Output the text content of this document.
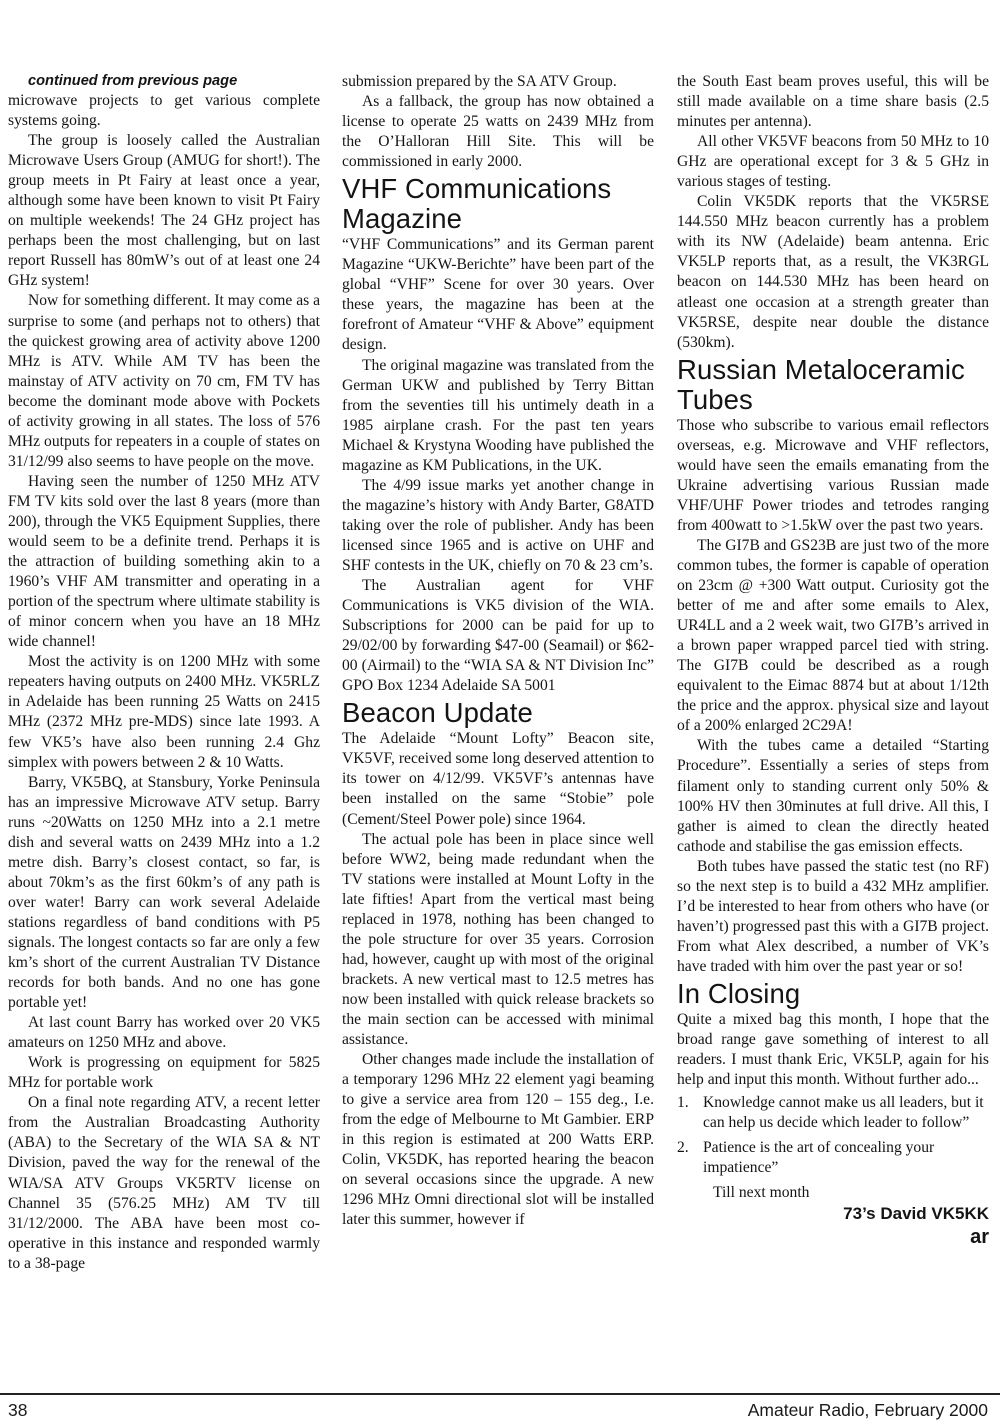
continued from previous page

microwave projects to get various complete systems going.

The group is loosely called the Australian Microwave Users Group (AMUG for short!). The group meets in Pt Fairy at least once a year, although some have been known to visit Pt Fairy on multiple weekends! The 24 GHz project has perhaps been the most challenging, but on last report Russell has 80mW’s out of at least one 24 GHz system!

Now for something different. It may come as a surprise to some (and perhaps not to others) that the quickest growing area of activity above 1200 MHz is ATV. While AM TV has been the mainstay of ATV activity on 70 cm, FM TV has become the dominant mode above with Pockets of activity growing in all states. The loss of 576 MHz outputs for repeaters in a couple of states on 31/12/99 also seems to have people on the move.

Having seen the number of 1250 MHz ATV FM TV kits sold over the last 8 years (more than 200), through the VK5 Equipment Supplies, there would seem to be a definite trend. Perhaps it is the attraction of building something akin to a 1960’s VHF AM transmitter and operating in a portion of the spectrum where ultimate stability is of minor concern when you have an 18 MHz wide channel!

Most the activity is on 1200 MHz with some repeaters having outputs on 2400 MHz. VK5RLZ in Adelaide has been running 25 Watts on 2415 MHz (2372 MHz pre-MDS) since late 1993. A few VK5’s have also been running 2.4 Ghz simplex with powers between 2 & 10 Watts.

Barry, VK5BQ, at Stansbury, Yorke Peninsula has an impressive Microwave ATV setup. Barry runs ~20Watts on 1250 MHz into a 2.1 metre dish and several watts on 2439 MHz into a 1.2 metre dish. Barry’s closest contact, so far, is about 70km’s as the first 60km’s of any path is over water! Barry can work several Adelaide stations regardless of band conditions with P5 signals. The longest contacts so far are only a few km’s short of the current Australian TV Distance records for both bands. And no one has gone portable yet!

At last count Barry has worked over 20 VK5 amateurs on 1250 MHz and above.

Work is progressing on equipment for 5825 MHz for portable work

On a final note regarding ATV, a recent letter from the Australian Broadcasting Authority (ABA) to the Secretary of the WIA SA & NT Division, paved the way for the renewal of the WIA/SA ATV Groups VK5RTV license on Channel 35 (576.25 MHz) AM TV till 31/12/2000. The ABA have been most co-operative in this instance and responded warmly to a 38-page

submission prepared by the SA ATV Group.

As a fallback, the group has now obtained a license to operate 25 watts on 2439 MHz from the O’Halloran Hill Site. This will be commissioned in early 2000.

VHF Communications Magazine

“VHF Communications” and its German parent Magazine “UKW-Berichte” have been part of the global “VHF” Scene for over 30 years. Over these years, the magazine has been at the forefront of Amateur “VHF & Above” equipment design.

The original magazine was translated from the German UKW and published by Terry Bittan from the seventies till his untimely death in a 1985 airplane crash. For the past ten years Michael & Krystyna Wooding have published the magazine as KM Publications, in the UK.

The 4/99 issue marks yet another change in the magazine’s history with Andy Barter, G8ATD taking over the role of publisher. Andy has been licensed since 1965 and is active on UHF and SHF contests in the UK, chiefly on 70 & 23 cm’s.

The Australian agent for VHF Communications is VK5 division of the WIA. Subscriptions for 2000 can be paid for up to 29/02/00 by forwarding $47-00 (Seamail) or $62-00 (Airmail) to the “WIA SA & NT Division Inc” GPO Box 1234 Adelaide SA 5001

Beacon Update

The Adelaide “Mount Lofty” Beacon site, VK5VF, received some long deserved attention to its tower on 4/12/99. VK5VF’s antennas have been installed on the same “Stobie” pole (Cement/Steel Power pole) since 1964.

The actual pole has been in place since well before WW2, being made redundant when the TV stations were installed at Mount Lofty in the late fifties! Apart from the vertical mast being replaced in 1978, nothing has been changed to the pole structure for over 35 years. Corrosion had, however, caught up with most of the original brackets. A new vertical mast to 12.5 metres has now been installed with quick release brackets so the main section can be accessed with minimal assistance.

Other changes made include the installation of a temporary 1296 MHz 22 element yagi beaming to give a service area from 120 – 155 deg., I.e. from the edge of Melbourne to Mt Gambier. ERP in this region is estimated at 200 Watts ERP. Colin, VK5DK, has reported hearing the beacon on several occasions since the upgrade. A new 1296 MHz Omni directional slot will be installed later this summer, however if

the South East beam proves useful, this will be still made available on a time share basis (2.5 minutes per antenna).

All other VK5VF beacons from 50 MHz to 10 GHz are operational except for 3 & 5 GHz in various stages of testing.

Colin VK5DK reports that the VK5RSE 144.550 MHz beacon currently has a problem with its NW (Adelaide) beam antenna. Eric VK5LP reports that, as a result, the VK3RGL beacon on 144.530 MHz has been heard on atleast one occasion at a strength greater than VK5RSE, despite near double the distance (530km).

Russian Metaloceramic Tubes

Those who subscribe to various email reflectors overseas, e.g. Microwave and VHF reflectors, would have seen the emails emanating from the Ukraine advertising various Russian made VHF/UHF Power triodes and tetrodes ranging from 400watt to >1.5kW over the past two years.

The GI7B and GS23B are just two of the more common tubes, the former is capable of operation on 23cm @ +300 Watt output. Curiosity got the better of me and after some emails to Alex, UR4LL and a 2 week wait, two GI7B’s arrived in a brown paper wrapped parcel tied with string. The GI7B could be described as a rough equivalent to the Eimac 8874 but at about 1/12th the price and the approx. physical size and layout of a 200% enlarged 2C29A!

With the tubes came a detailed “Starting Procedure”. Essentially a series of steps from filament only to standing current only 50% & 100% HV then 30minutes at full drive. All this, I gather is aimed to clean the directly heated cathode and stabilise the gas emission effects.

Both tubes have passed the static test (no RF) so the next step is to build a 432 MHz amplifier. I’d be interested to hear from others who have (or haven’t) progressed past this with a GI7B project. From what Alex described, a number of VK’s have traded with him over the past year or so!

In Closing

Quite a mixed bag this month, I hope that the broad range gave something of interest to all readers. I must thank Eric, VK5LP, again for his help and input this month. Without further ado...

1. Knowledge cannot make us all leaders, but it can help us decide which leader to follow”
2. Patience is the art of concealing your impatience”

Till next month

73’s David VK5KK

ar

38	Amateur Radio, February 2000
